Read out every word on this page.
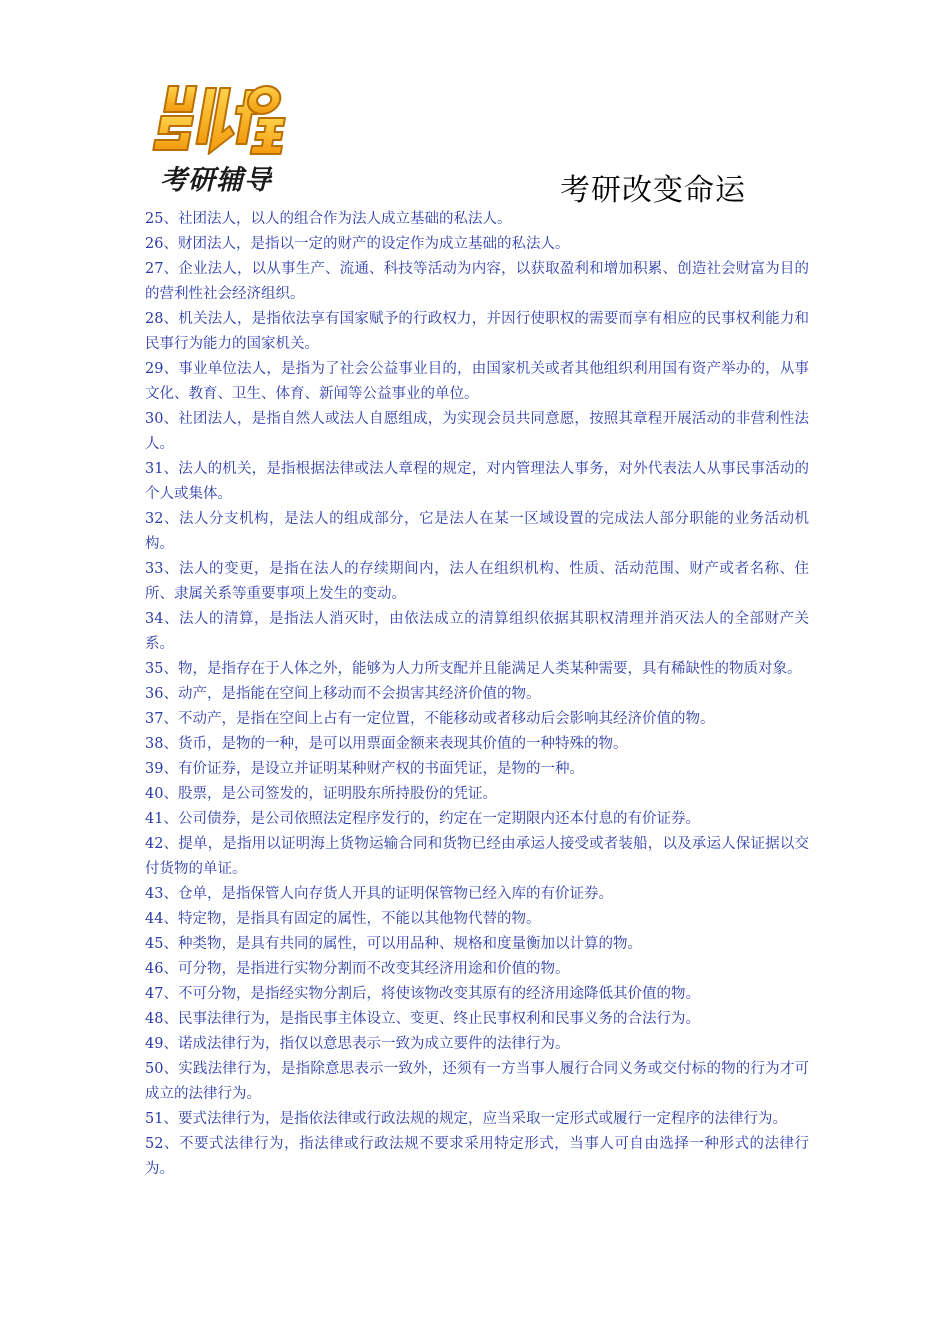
考研辅导	考研改变命运

25、社团法人，以人的组合作为法人成立基础的私法人。

26、财团法人，是指以一定的财产的设定作为成立基础的私法人。

27、企业法人，以从事生产、流通、科技等活动为内容，以获取盈利和增加积累、创造社会财富为目的的营利性社会经济组织。

28、机关法人，是指依法享有国家赋予的行政权力，并因行使职权的需要而享有相应的民事权利能力和民事行为能力的国家机关。

29、事业单位法人，是指为了社会公益事业目的，由国家机关或者其他组织利用国有资产举办的，从事文化、教育、卫生、体育、新闻等公益事业的单位。

30、社团法人，是指自然人或法人自愿组成，为实现会员共同意愿，按照其章程开展活动的非营利性法人。

31、法人的机关，是指根据法律或法人章程的规定，对内管理法人事务，对外代表法人从事民事活动的个人或集体。

32、法人分支机构，是法人的组成部分，它是法人在某一区域设置的完成法人部分职能的业务活动机构。

33、法人的变更，是指在法人的存续期间内，法人在组织机构、性质、活动范围、财产或者名称、住所、隶属关系等重要事项上发生的变动。

34、法人的清算，是指法人消灭时，由依法成立的清算组织依据其职权清理并消灭法人的全部财产关系。

35、物，是指存在于人体之外，能够为人力所支配并且能满足人类某种需要，具有稀缺性的物质对象。

36、动产，是指能在空间上移动而不会损害其经济价值的物。

37、不动产，是指在空间上占有一定位置，不能移动或者移动后会影响其经济价值的物。

38、货币，是物的一种，是可以用票面金额来表现其价值的一种特殊的物。

39、有价证券，是设立并证明某种财产权的书面凭证，是物的一种。

40、股票，是公司签发的，证明股东所持股份的凭证。

41、公司债券，是公司依照法定程序发行的，约定在一定期限内还本付息的有价证券。

42、提单，是指用以证明海上货物运输合同和货物已经由承运人接受或者装船，以及承运人保证据以交付货物的单证。

43、仓单，是指保管人向存货人开具的证明保管物已经入库的有价证券。

44、特定物，是指具有固定的属性，不能以其他物代替的物。

45、种类物，是具有共同的属性，可以用品种、规格和度量衡加以计算的物。

46、可分物，是指进行实物分割而不改变其经济用途和价值的物。

47、不可分物，是指经实物分割后，将使该物改变其原有的经济用途降低其价值的物。

48、民事法律行为，是指民事主体设立、变更、终止民事权利和民事义务的合法行为。

49、诺成法律行为，指仅以意思表示一致为成立要件的法律行为。

50、实践法律行为，是指除意思表示一致外，还须有一方当事人履行合同义务或交付标的物的行为才可成立的法律行为。

51、要式法律行为，是指依法律或行政法规的规定，应当采取一定形式或履行一定程序的法律行为。

52、不要式法律行为，指法律或行政法规不要求采用特定形式，当事人可自由选择一种形式的法律行为。
